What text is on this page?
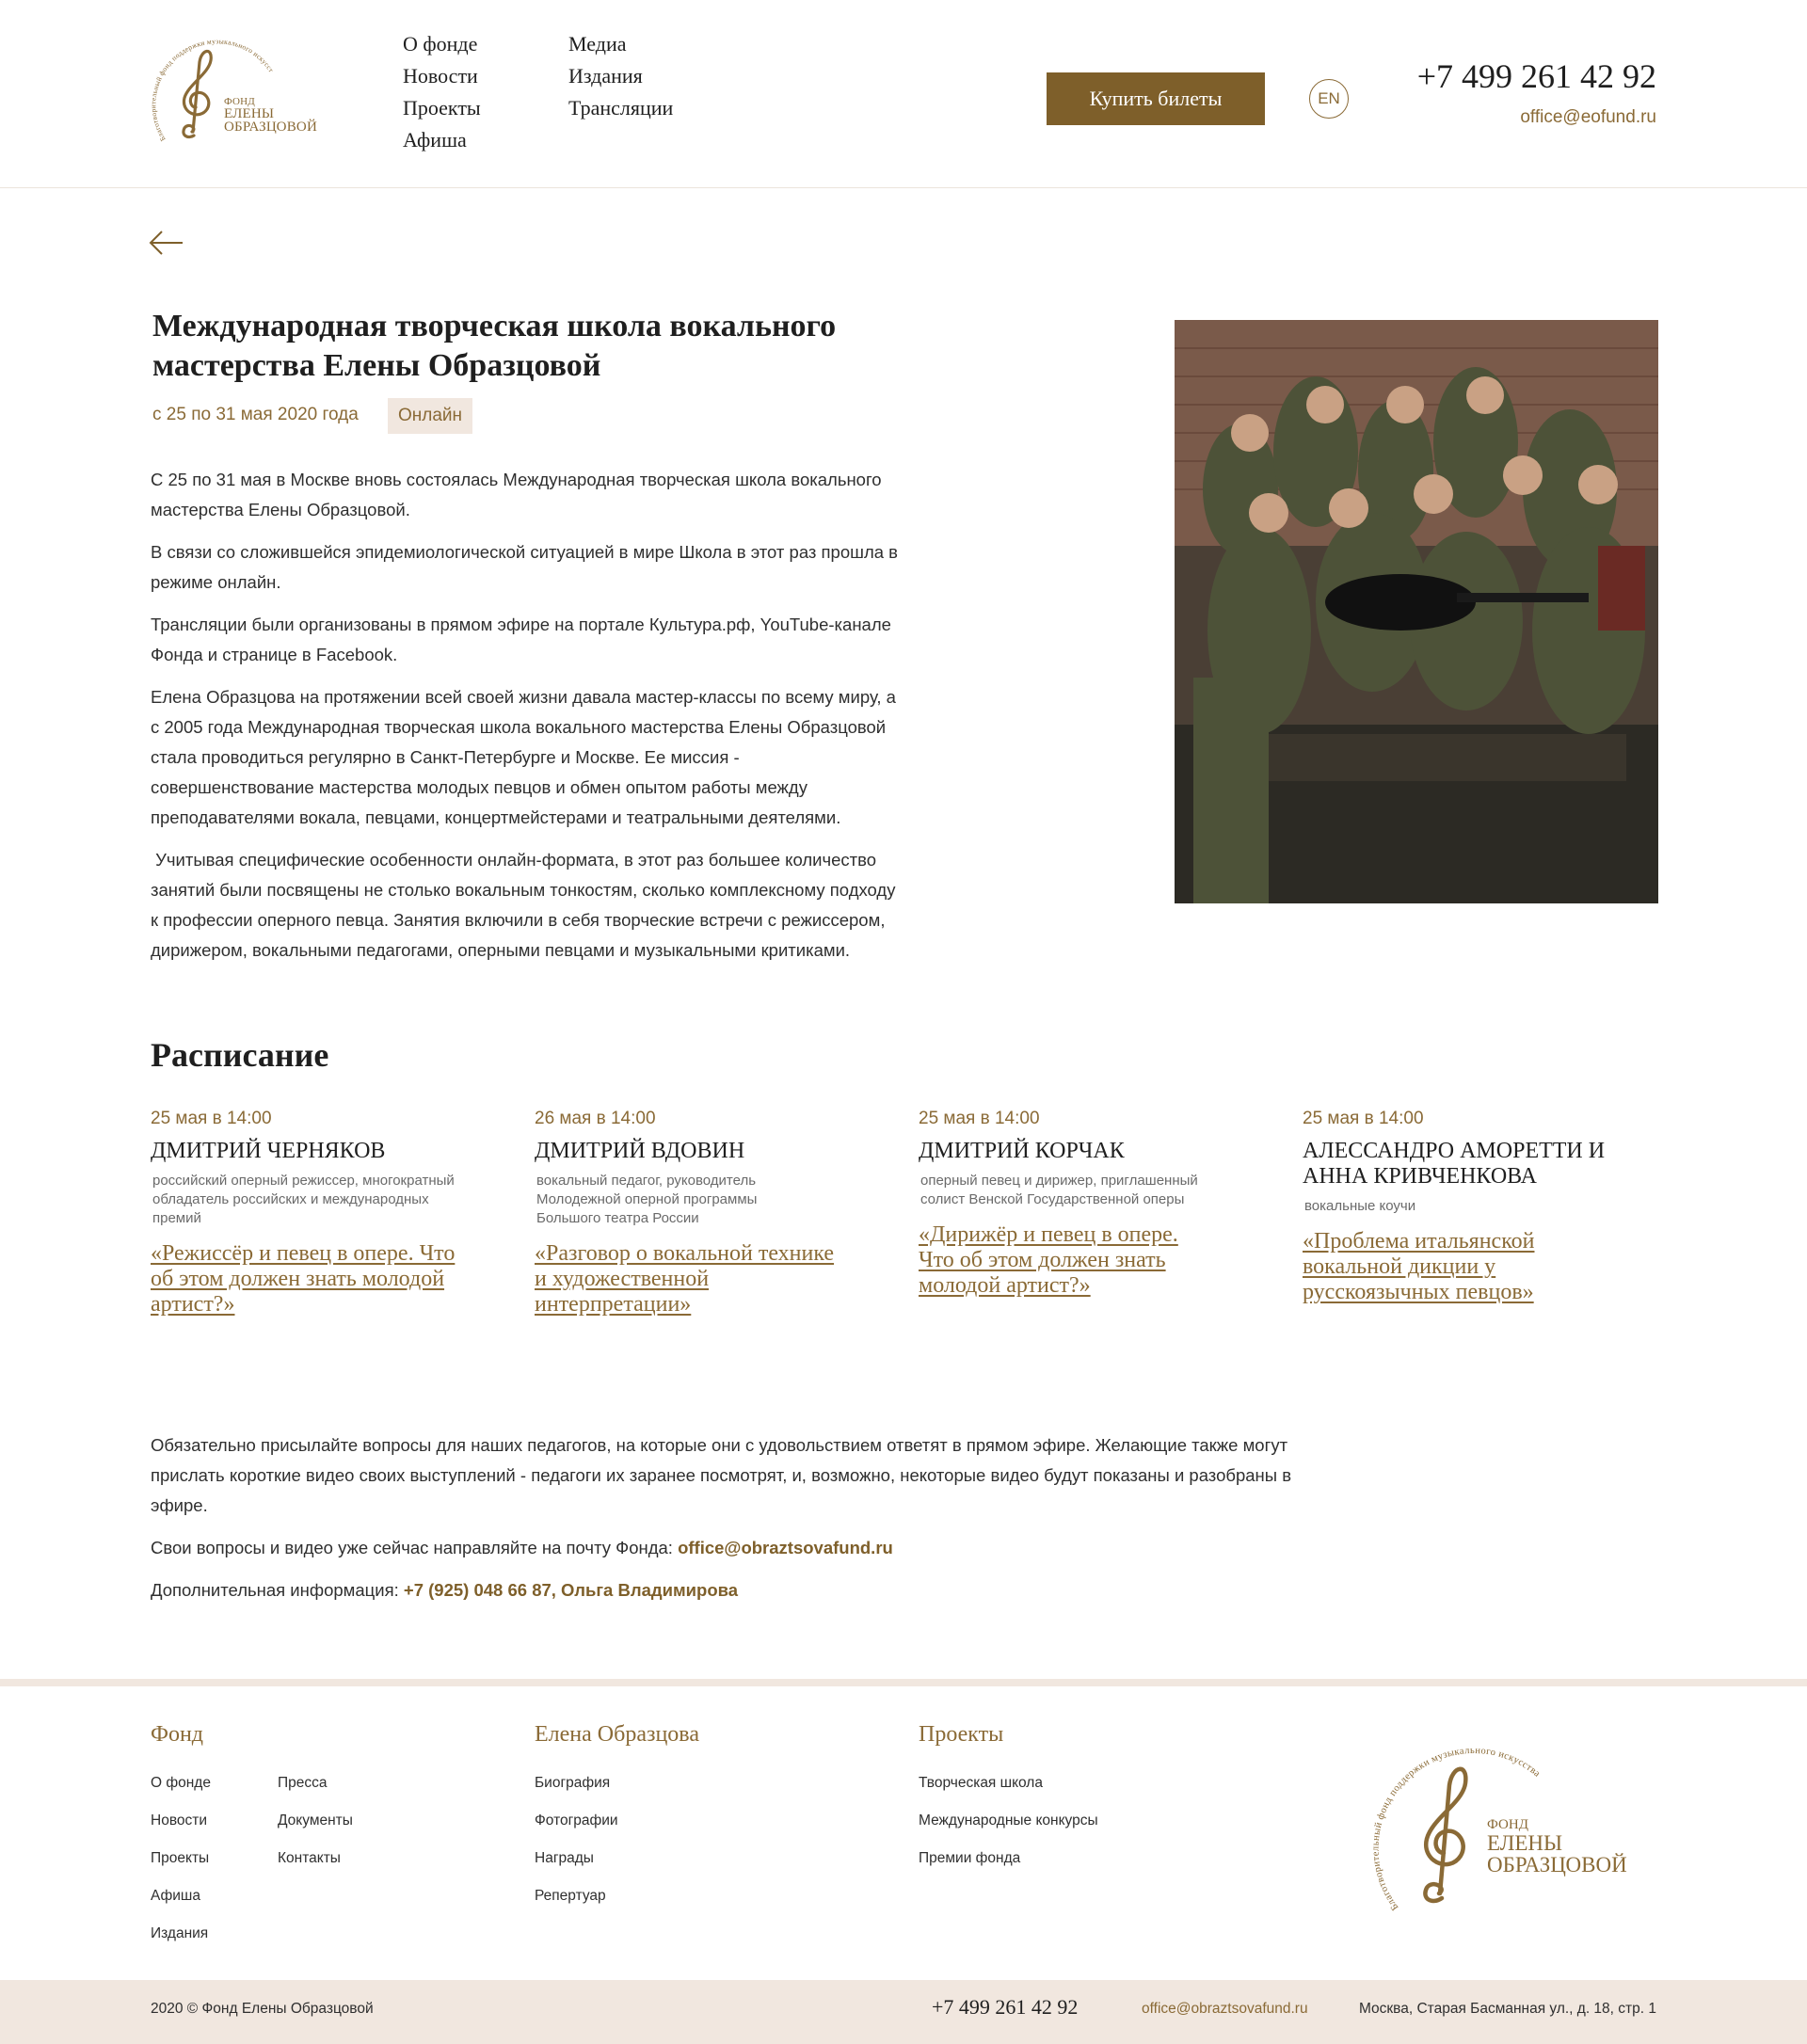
Благотворительный фонд поддержки музыкального искусст
ФОНД
ЕЛЕНЫ
ОБРАЗЦОВОЙ
О фонде
Новости
Проекты
Афиша
Медиа
Издания
Трансляции	Купить билеты	EN
+7 499 261 42 92
office@eofund.ru
Международная творческая школа вокального мастерства Елены Образцовой
с 25 по 31 мая 2020 года	Онлайн

С 25 по 31 мая в Москве вновь состоялась Международная творческая школа вокального мастерства Елены Образцовой.

В связи со сложившейся эпидемиологической ситуацией в мире Школа в этот раз прошла в режиме онлайн.

Трансляции были организованы в прямом эфире на портале Культура.рф, YouTube-канале Фонда и странице в Facebook.

Елена Образцова на протяжении всей своей жизни давала мастер-классы по всему миру, а с 2005 года Международная творческая школа вокального мастерства Елены Образцовой стала проводиться регулярно в Санкт-Петербурге и Москве. Ее миссия - совершенствование мастерства молодых певцов и обмен опытом работы между преподавателями вокала, певцами, концертмейстерами и театральными деятелями.

Учитывая специфические особенности онлайн-формата, в этот раз большее количество занятий были посвящены не столько вокальным тонкостям, сколько комплексному подходу к профессии оперного певца. Занятия включили в себя творческие встречи с режиссером, дирижером, вокальными педагогами, оперными певцами и музыкальными критиками.

Расписание
25 мая в 14:00
ДМИТРИЙ ЧЕРНЯКОВ
российский оперный режиссер, многократный обладатель российских и международных премий
«Режиссёр и певец в опере. Что об этом должен знать молодой артист?»
26 мая в 14:00
ДМИТРИЙ ВДОВИН
вокальный педагог, руководитель Молодежной оперной программы Большого театра России
«Разговор о вокальной технике и художественной интерпретации»
25 мая в 14:00
ДМИТРИЙ КОРЧАК
оперный певец и дирижер, приглашенный солист Венской Государственной оперы
«Дирижёр и певец в опере. Что об этом должен знать молодой артист?»
25 мая в 14:00
АЛЕССАНДРО АМОРЕТТИ И АННА КРИВЧЕНКОВА
вокальные коучи
«Проблема итальянской вокальной дикции у русскоязычных певцов»

Обязательно присылайте вопросы для наших педагогов, на которые они с удовольствием ответят в прямом эфире. Желающие также могут прислать короткие видео своих выступлений - педагоги их заранее посмотрят, и, возможно, некоторые видео будут показаны и разобраны в эфире.

Свои вопросы и видео уже сейчас направляйте на почту Фонда: office@obraztsovafund.ru

Дополнительная информация: +7 (925) 048 66 87, Ольга Владимирова

Фонд
О фонде
Новости
Проекты
Афиша
Издания
Пресса
Документы
Контакты
Елена Образцова
Биография
Фотографии
Награды
Репертуар
Проекты
Творческая школа
Международные конкурсы
Премии фонда
Благотворительный фонд поддержки музыкального искусства
ФОНД
ЕЛЕНЫ
ОБРАЗЦОВОЙ
2020 © Фонд Елены Образцовой	+7 499 261 42 92	office@obraztsovafund.ru	Москва, Старая Басманная ул., д. 18, стр. 1
